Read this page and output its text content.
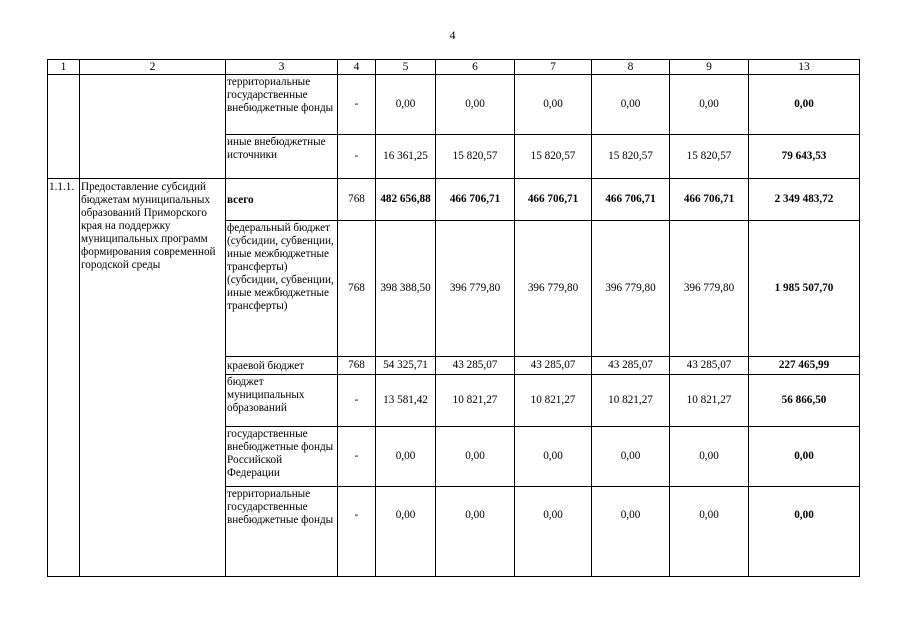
4
1	2	3	4	5	6	7	8	9	13
		территориальные государственные внебюджетные фонды	-	0,00	0,00	0,00	0,00	0,00	0,00
		иные внебюджетные источники	-	16 361,25	15 820,57	15 820,57	15 820,57	15 820,57	79 643,53
1.1.1.	Предоставление субсидий бюджетам муниципальных образований Приморского края на поддержку муниципальных программ формирования современной городской среды	всего	768	482 656,88	466 706,71	466 706,71	466 706,71	466 706,71	2 349 483,72
		федеральный бюджет (субсидии, субвенции, иные межбюджетные трансферты) (субсидии, субвенции, иные межбюджетные трансферты)	768	398 388,50	396 779,80	396 779,80	396 779,80	396 779,80	1 985 507,70
		краевой бюджет	768	54 325,71	43 285,07	43 285,07	43 285,07	43 285,07	227 465,99
		бюджет муниципальных образований	-	13 581,42	10 821,27	10 821,27	10 821,27	10 821,27	56 866,50
		государственные внебюджетные фонды Российской Федерации	-	0,00	0,00	0,00	0,00	0,00	0,00
		территориальные государственные внебюджетные фонды	-	0,00	0,00	0,00	0,00	0,00	0,00
